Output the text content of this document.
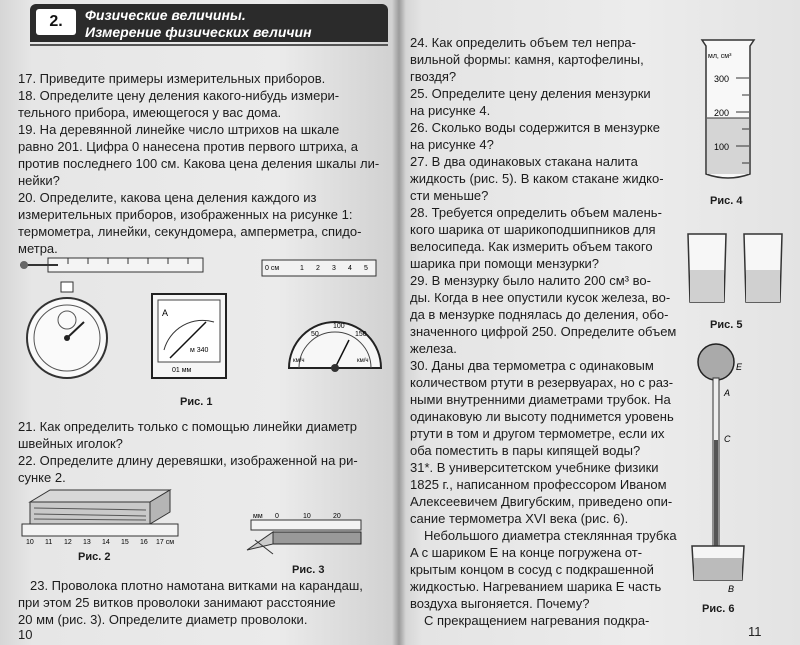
2.	Физические величины.
Измерение физических величин
17. Приведите примеры измерительных приборов.
18. Определите цену деления какого-нибудь измери-
тельного прибора, имеющегося у вас дома.
19. На деревянной линейке число штрихов на шкале
равно 201. Цифра 0 нанесена против первого штриха, а
против последнего 100 см. Какова цена деления шкалы ли-
нейки?
20. Определите, какова цена деления каждого из
измерительных приборов, изображенных на рисунке 1:
термометра, линейки, секундомера, амперметра, спидо-
метра.
0 см	1 2 3 4 5
А
м 340
01 мм
50
100
150
км/ч	км/ч
Рис. 1
21. Как определить только с помощью линейки диаметр
швейных иголок?
22. Определите длину деревяшки, изображенной на ри-
сунке 2.
10 11 12 13 14 15 16 17 см
Рис. 2
мм 0	10	20
Рис. 3
23. Проволока плотно намотана витками на карандаш,
при этом 25 витков проволоки занимают расстояние
20 мм (рис. 3). Определите диаметр проволоки.
10
24. Как определить объем тел непра-
вильной формы: камня, картофелины,
гвоздя?
25. Определите цену деления мензурки
на рисунке 4.
26. Сколько воды содержится в мензурке
на рисунке 4?
27. В два одинаковых стакана налита
жидкость (рис. 5). В каком стакане жидко-
сти меньше?
28. Требуется определить объем малень-
кого шарика от шарикоподшипников для
велосипеда. Как измерить объем такого
шарика при помощи мензурки?
29. В мензурку было налито 200 см³ во-
ды. Когда в нее опустили кусок железа, во-
да в мензурке поднялась до деления, обо-
значенного цифрой 250. Определите объем
железа.
30. Даны два термометра с одинаковым
количеством ртути в резервуарах, но с раз-
ными внутренними диаметрами трубок. На
одинаковую ли высоту поднимется уровень
ртути в том и другом термометре, если их
оба поместить в пары кипящей воды?
31*. В университетском учебнике физики
1825 г., написанном профессором Иваном
Алексеевичем Двигубским, приведено опи-
сание термометра XVI века (рис. 6).
Небольшого диаметра стеклянная трубка
A с шариком E на конце погружена от-
крытым концом в сосуд с подкрашенной
жидкостью. Нагреванием шарика E часть
воздуха выгоняется. Почему?
С прекращением нагревания подкра-
мл, см³
300
200
100
Рис. 4
Рис. 5
E
A
C
B
Рис. 6
11
